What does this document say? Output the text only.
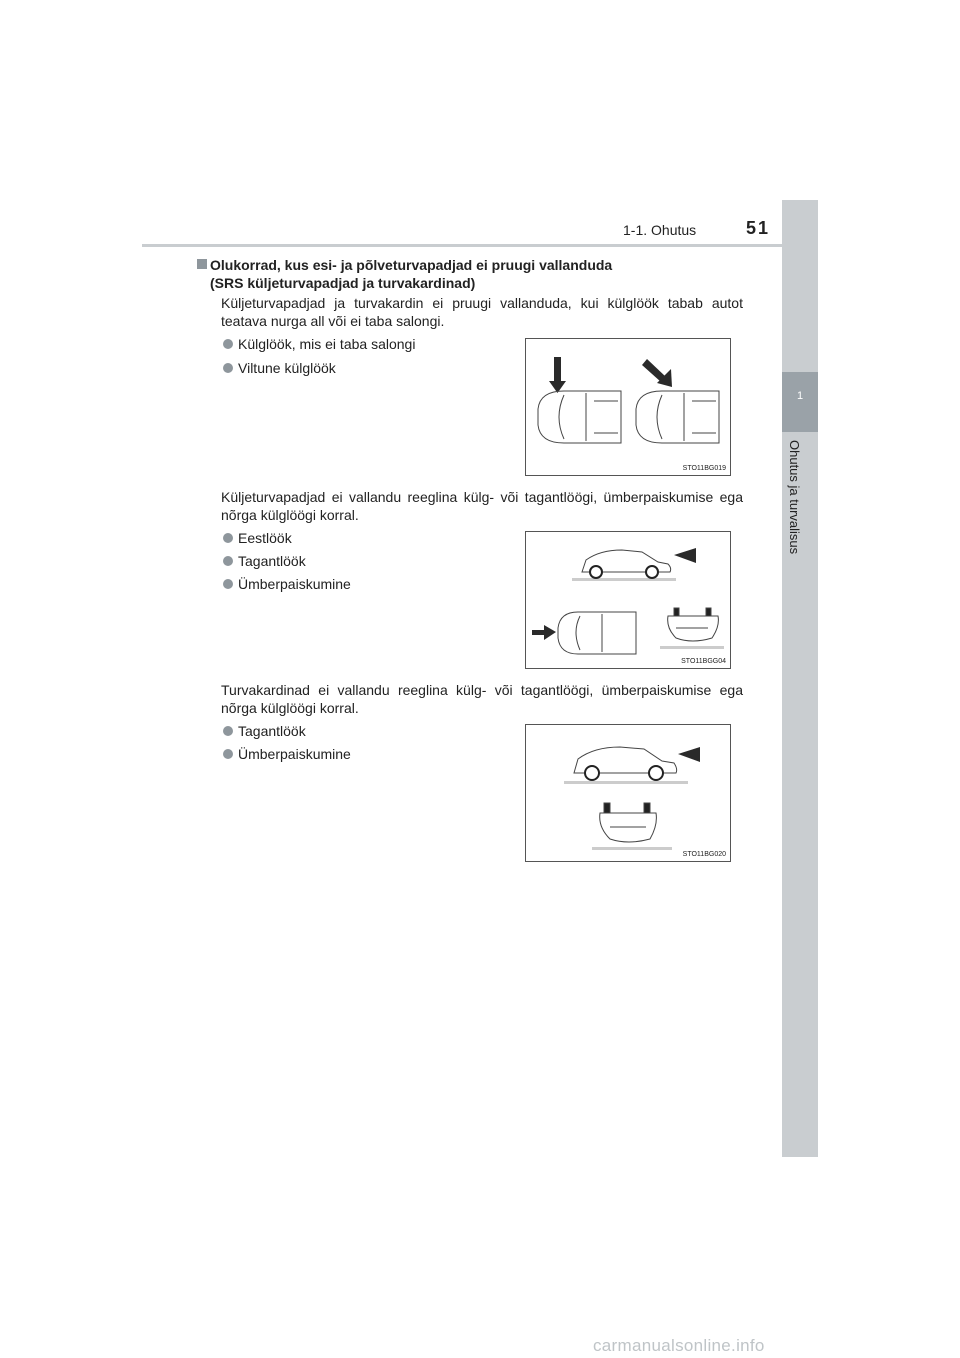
1-1. Ohutus	51
1
Ohutus ja turvalisus
Olukorrad, kus esi- ja põlveturvapadjad ei pruugi vallanduda
(SRS küljeturvapadjad ja turvakardinad)
Küljeturvapadjad ja turvakardin ei pruugi vallanduda, kui külglöök tabab autot teatava nurga all või ei taba salongi.
Külglöök, mis ei taba salongi
Viltune külglöök
STO11BG019
Küljeturvapadjad ei vallandu reeglina külg- või tagantlöögi, ümberpaiskumise ega nõrga külglöögi korral.
Eestlöök
Tagantlöök
Ümberpaiskumine
STO11BGG04
Turvakardinad ei vallandu reeglina külg- või tagantlöögi, ümberpaiskumise ega nõrga külglöögi korral.
Tagantlöök
Ümberpaiskumine
STO11BG020
carmanualsonline.info
